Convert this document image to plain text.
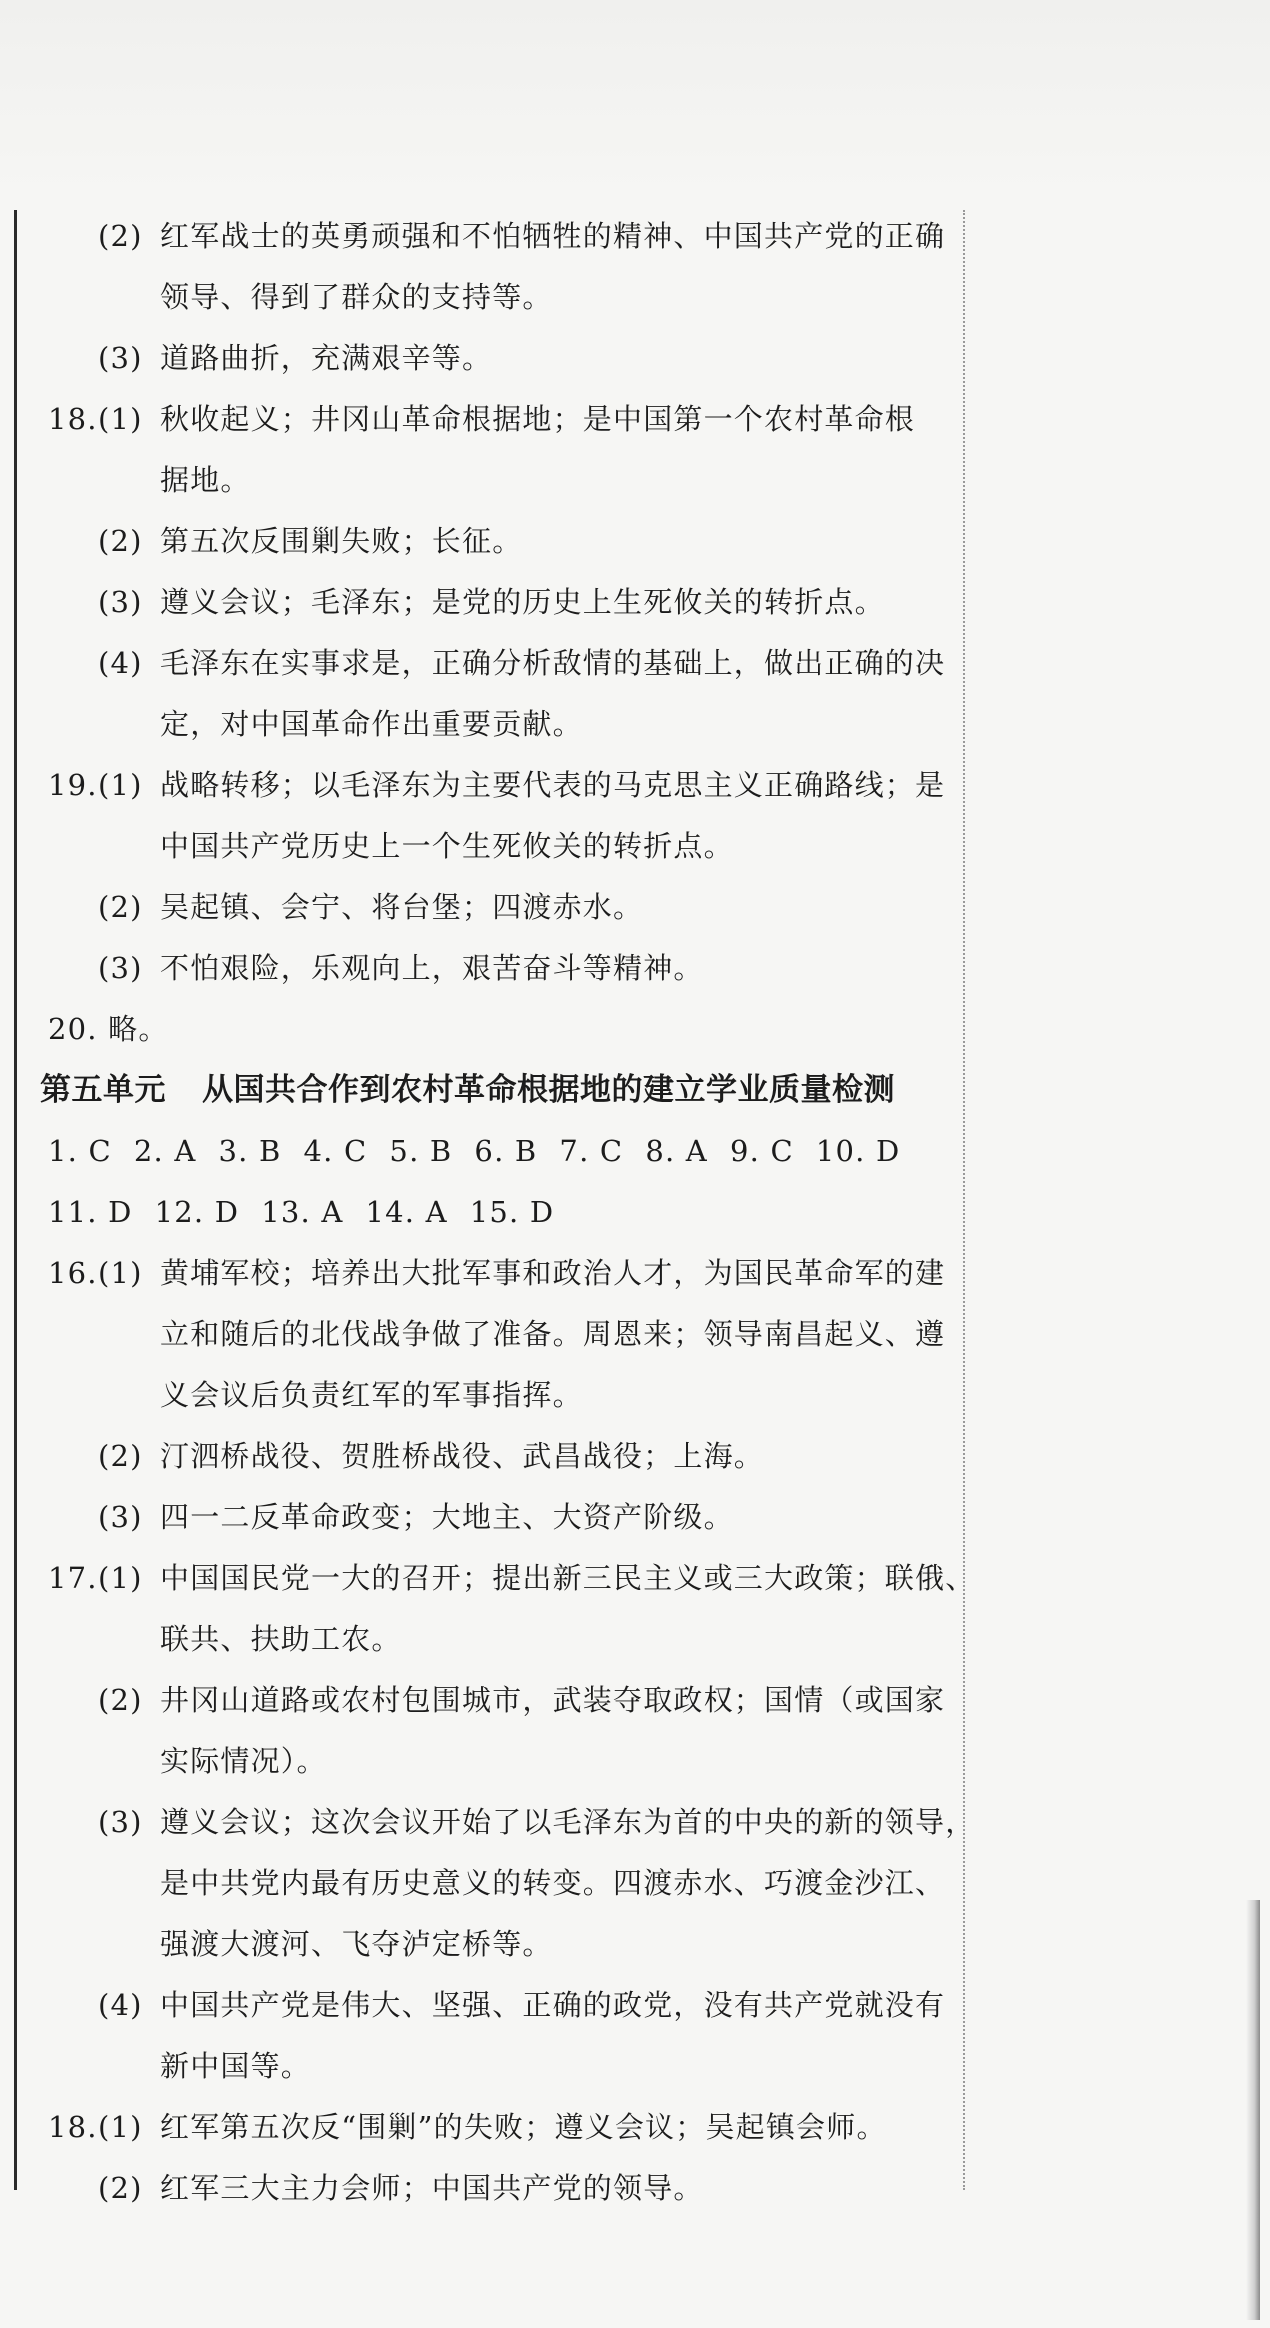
(2) 红军战士的英勇顽强和不怕牺牲的精神、中国共产党的正确
领导、得到了群众的支持等。
(3) 道路曲折，充满艰辛等。
18. (1) 秋收起义；井冈山革命根据地；是中国第一个农村革命根
据地。
(2) 第五次反围剿失败；长征。
(3) 遵义会议；毛泽东；是党的历史上生死攸关的转折点。
(4) 毛泽东在实事求是，正确分析敌情的基础上，做出正确的决
定，对中国革命作出重要贡献。
19. (1) 战略转移；以毛泽东为主要代表的马克思主义正确路线；是
中国共产党历史上一个生死攸关的转折点。
(2) 吴起镇、会宁、将台堡；四渡赤水。
(3) 不怕艰险，乐观向上，艰苦奋斗等精神。
20. 略。
第五单元 从国共合作到农村革命根据地的建立学业质量检测
1. C 2. A 3. B 4. C 5. B 6. B 7. C 8. A 9. C 10. D
11. D 12. D 13. A 14. A 15. D
16. (1) 黄埔军校；培养出大批军事和政治人才，为国民革命军的建
立和随后的北伐战争做了准备。周恩来；领导南昌起义、遵
义会议后负责红军的军事指挥。
(2) 汀泗桥战役、贺胜桥战役、武昌战役；上海。
(3) 四一二反革命政变；大地主、大资产阶级。
17. (1) 中国国民党一大的召开；提出新三民主义或三大政策；联俄、
联共、扶助工农。
(2) 井冈山道路或农村包围城市，武装夺取政权；国情（或国家
实际情况）。
(3) 遵义会议；这次会议开始了以毛泽东为首的中央的新的领导，
是中共党内最有历史意义的转变。四渡赤水、巧渡金沙江、
强渡大渡河、飞夺泸定桥等。
(4) 中国共产党是伟大、坚强、正确的政党，没有共产党就没有
新中国等。
18. (1) 红军第五次反“围剿”的失败；遵义会议；吴起镇会师。
(2) 红军三大主力会师；中国共产党的领导。
